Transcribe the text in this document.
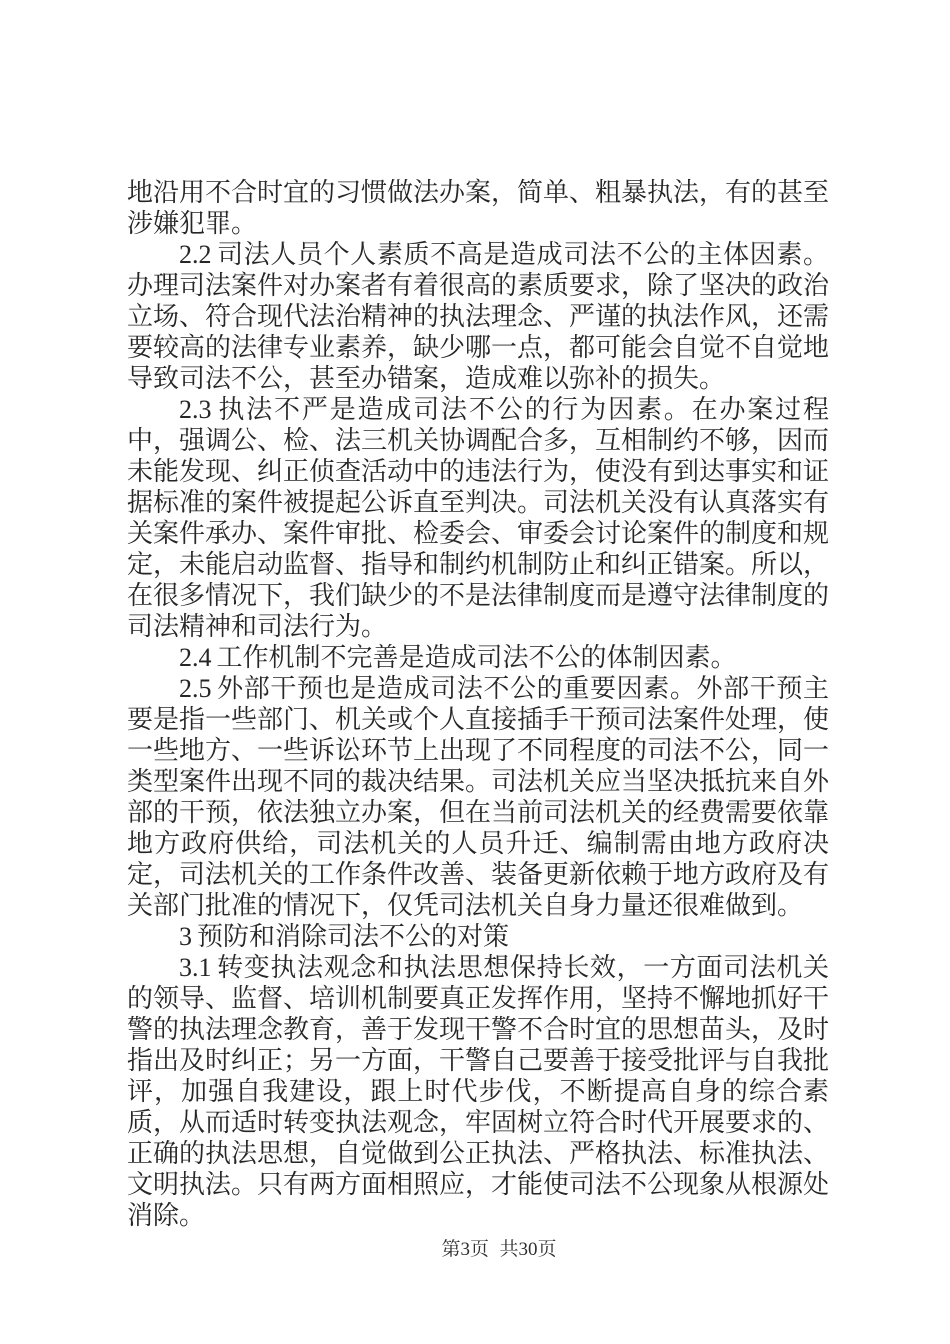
地沿用不合时宜的习惯做法办案，简单、粗暴执法，有的甚至涉嫌犯罪。

2.2 司法人员个人素质不高是造成司法不公的主体因素。办理司法案件对办案者有着很高的素质要求，除了坚决的政治立场、符合现代法治精神的执法理念、严谨的执法作风，还需要较高的法律专业素养，缺少哪一点，都可能会自觉不自觉地导致司法不公，甚至办错案，造成难以弥补的损失。

2.3 执法不严是造成司法不公的行为因素。在办案过程中，强调公、检、法三机关协调配合多，互相制约不够，因而未能发现、纠正侦查活动中的违法行为，使没有到达事实和证据标准的案件被提起公诉直至判决。司法机关没有认真落实有关案件承办、案件审批、检委会、审委会讨论案件的制度和规定，未能启动监督、指导和制约机制防止和纠正错案。所以，在很多情况下，我们缺少的不是法律制度而是遵守法律制度的司法精神和司法行为。

2.4 工作机制不完善是造成司法不公的体制因素。

2.5 外部干预也是造成司法不公的重要因素。外部干预主要是指一些部门、机关或个人直接插手干预司法案件处理，使一些地方、一些诉讼环节上出现了不同程度的司法不公，同一类型案件出现不同的裁决结果。司法机关应当坚决抵抗来自外部的干预，依法独立办案，但在当前司法机关的经费需要依靠地方政府供给，司法机关的人员升迁、编制需由地方政府决定，司法机关的工作条件改善、装备更新依赖于地方政府及有关部门批准的情况下，仅凭司法机关自身力量还很难做到。

3 预防和消除司法不公的对策

3.1 转变执法观念和执法思想保持长效，一方面司法机关的领导、监督、培训机制要真正发挥作用，坚持不懈地抓好干警的执法理念教育，善于发现干警不合时宜的思想苗头，及时指出及时纠正；另一方面，干警自己要善于接受批评与自我批评，加强自我建设，跟上时代步伐，不断提高自身的综合素质，从而适时转变执法观念，牢固树立符合时代开展要求的、正确的执法思想，自觉做到公正执法、严格执法、标准执法、文明执法。只有两方面相照应，才能使司法不公现象从根源处消除。

第3页 共30页
